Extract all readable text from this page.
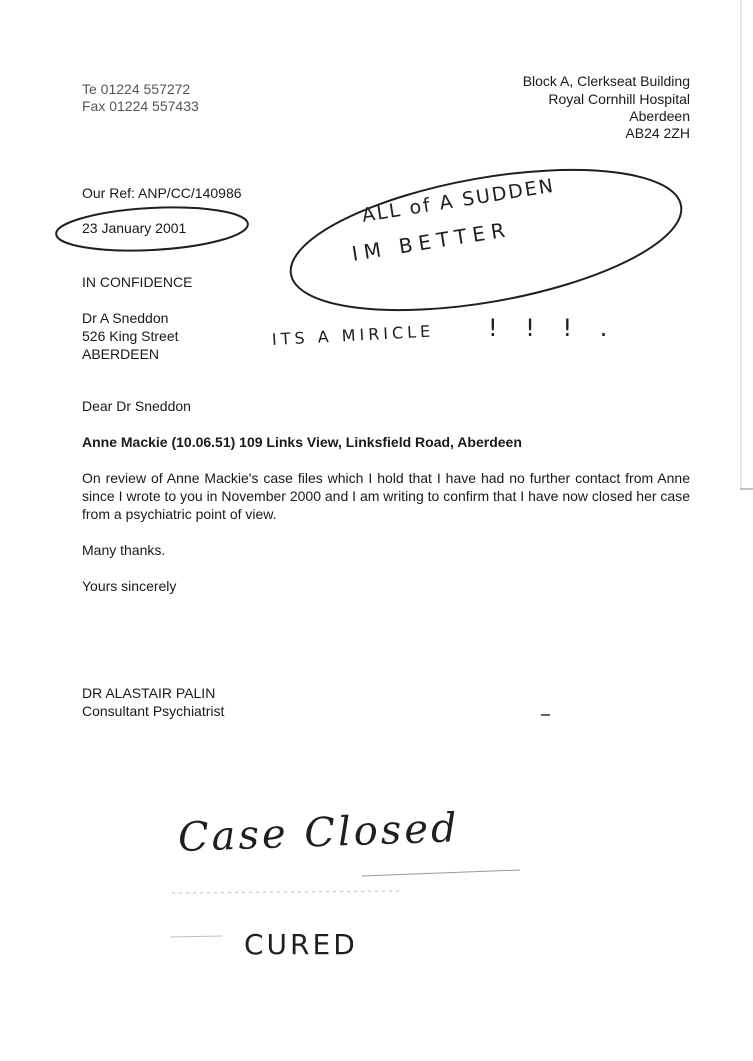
Te 01224 557272
Fax 01224 557433
Block A, Clerkseat Building
Royal Cornhill Hospital
Aberdeen
AB24 2ZH
Our Ref: ANP/CC/140986
23 January 2001
IN CONFIDENCE
Dr A Sneddon
526 King Street
ABERDEEN
Dear Dr Sneddon
Anne Mackie (10.06.51) 109 Links View, Linksfield Road, Aberdeen
On review of Anne Mackie's case files which I hold that I have had no further contact from Anne since I wrote to you in November 2000 and I am writing to confirm that I have now closed her case from a psychiatric point of view.
Many thanks.
Yours sincerely
DR ALASTAIR PALIN
Consultant Psychiatrist
ALL of A SUDDEN
IM BETTER
ITS A MIRICLE ! ! ! .
Case Closed
CURED
